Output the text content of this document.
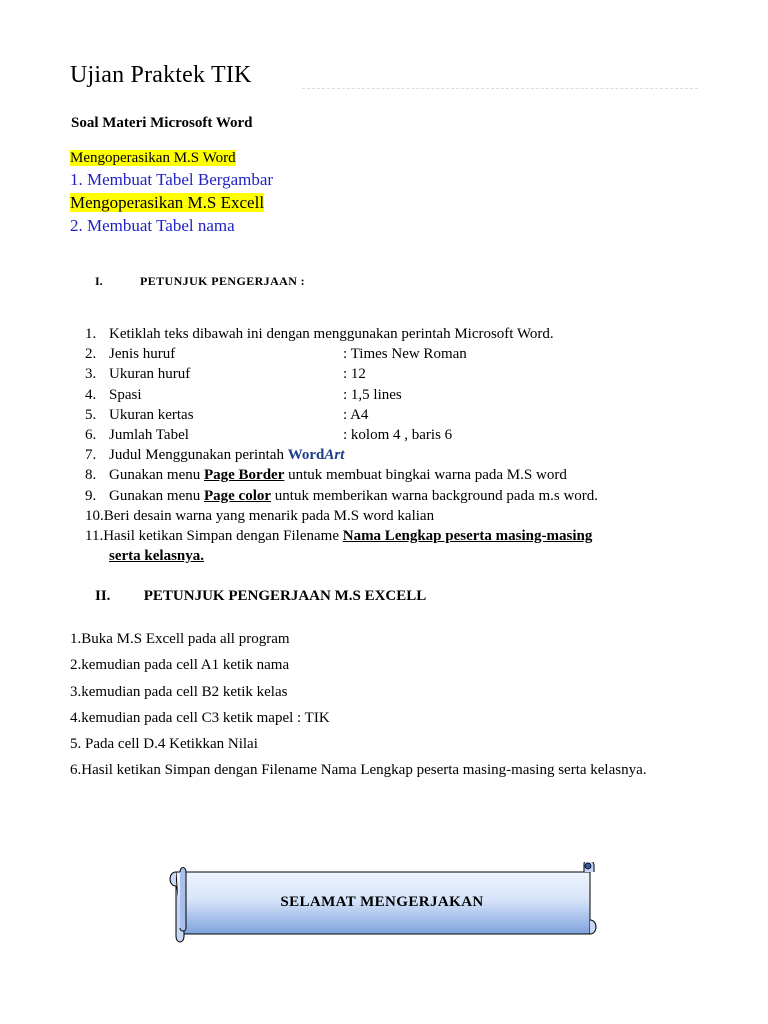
Ujian Praktek TIK
Soal Materi Microsoft Word
Mengoperasikan M.S Word
1. Membuat Tabel Bergambar
Mengoperasikan M.S Excell
2. Membuat Tabel nama
I.	PETUNJUK PENGERJAAN :
1. Ketiklah teks dibawah ini dengan menggunakan perintah Microsoft Word.
2. Jenis huruf	: Times New Roman
3. Ukuran huruf	: 12
4. Spasi	: 1,5 lines
5. Ukuran kertas	: A4
6. Jumlah Tabel	: kolom 4 , baris 6
7. Judul Menggunakan perintah WordArt
8. Gunakan menu Page Border untuk membuat bingkai warna pada M.S word
9. Gunakan menu Page color untuk memberikan warna background pada m.s word.
10.Beri desain warna yang menarik pada M.S word kalian
11.Hasil ketikan Simpan dengan Filename Nama Lengkap peserta masing-masing
serta kelasnya.
II. PETUNJUK PENGERJAAN M.S EXCELL
1.Buka M.S Excell pada all program
2.kemudian pada cell A1 ketik nama
3.kemudian pada cell B2 ketik kelas
4.kemudian pada cell C3 ketik mapel : TIK
5. Pada cell D.4 Ketikkan Nilai
6.Hasil ketikan Simpan dengan Filename Nama Lengkap peserta masing-masing serta kelasnya.
SELAMAT MENGERJAKAN
